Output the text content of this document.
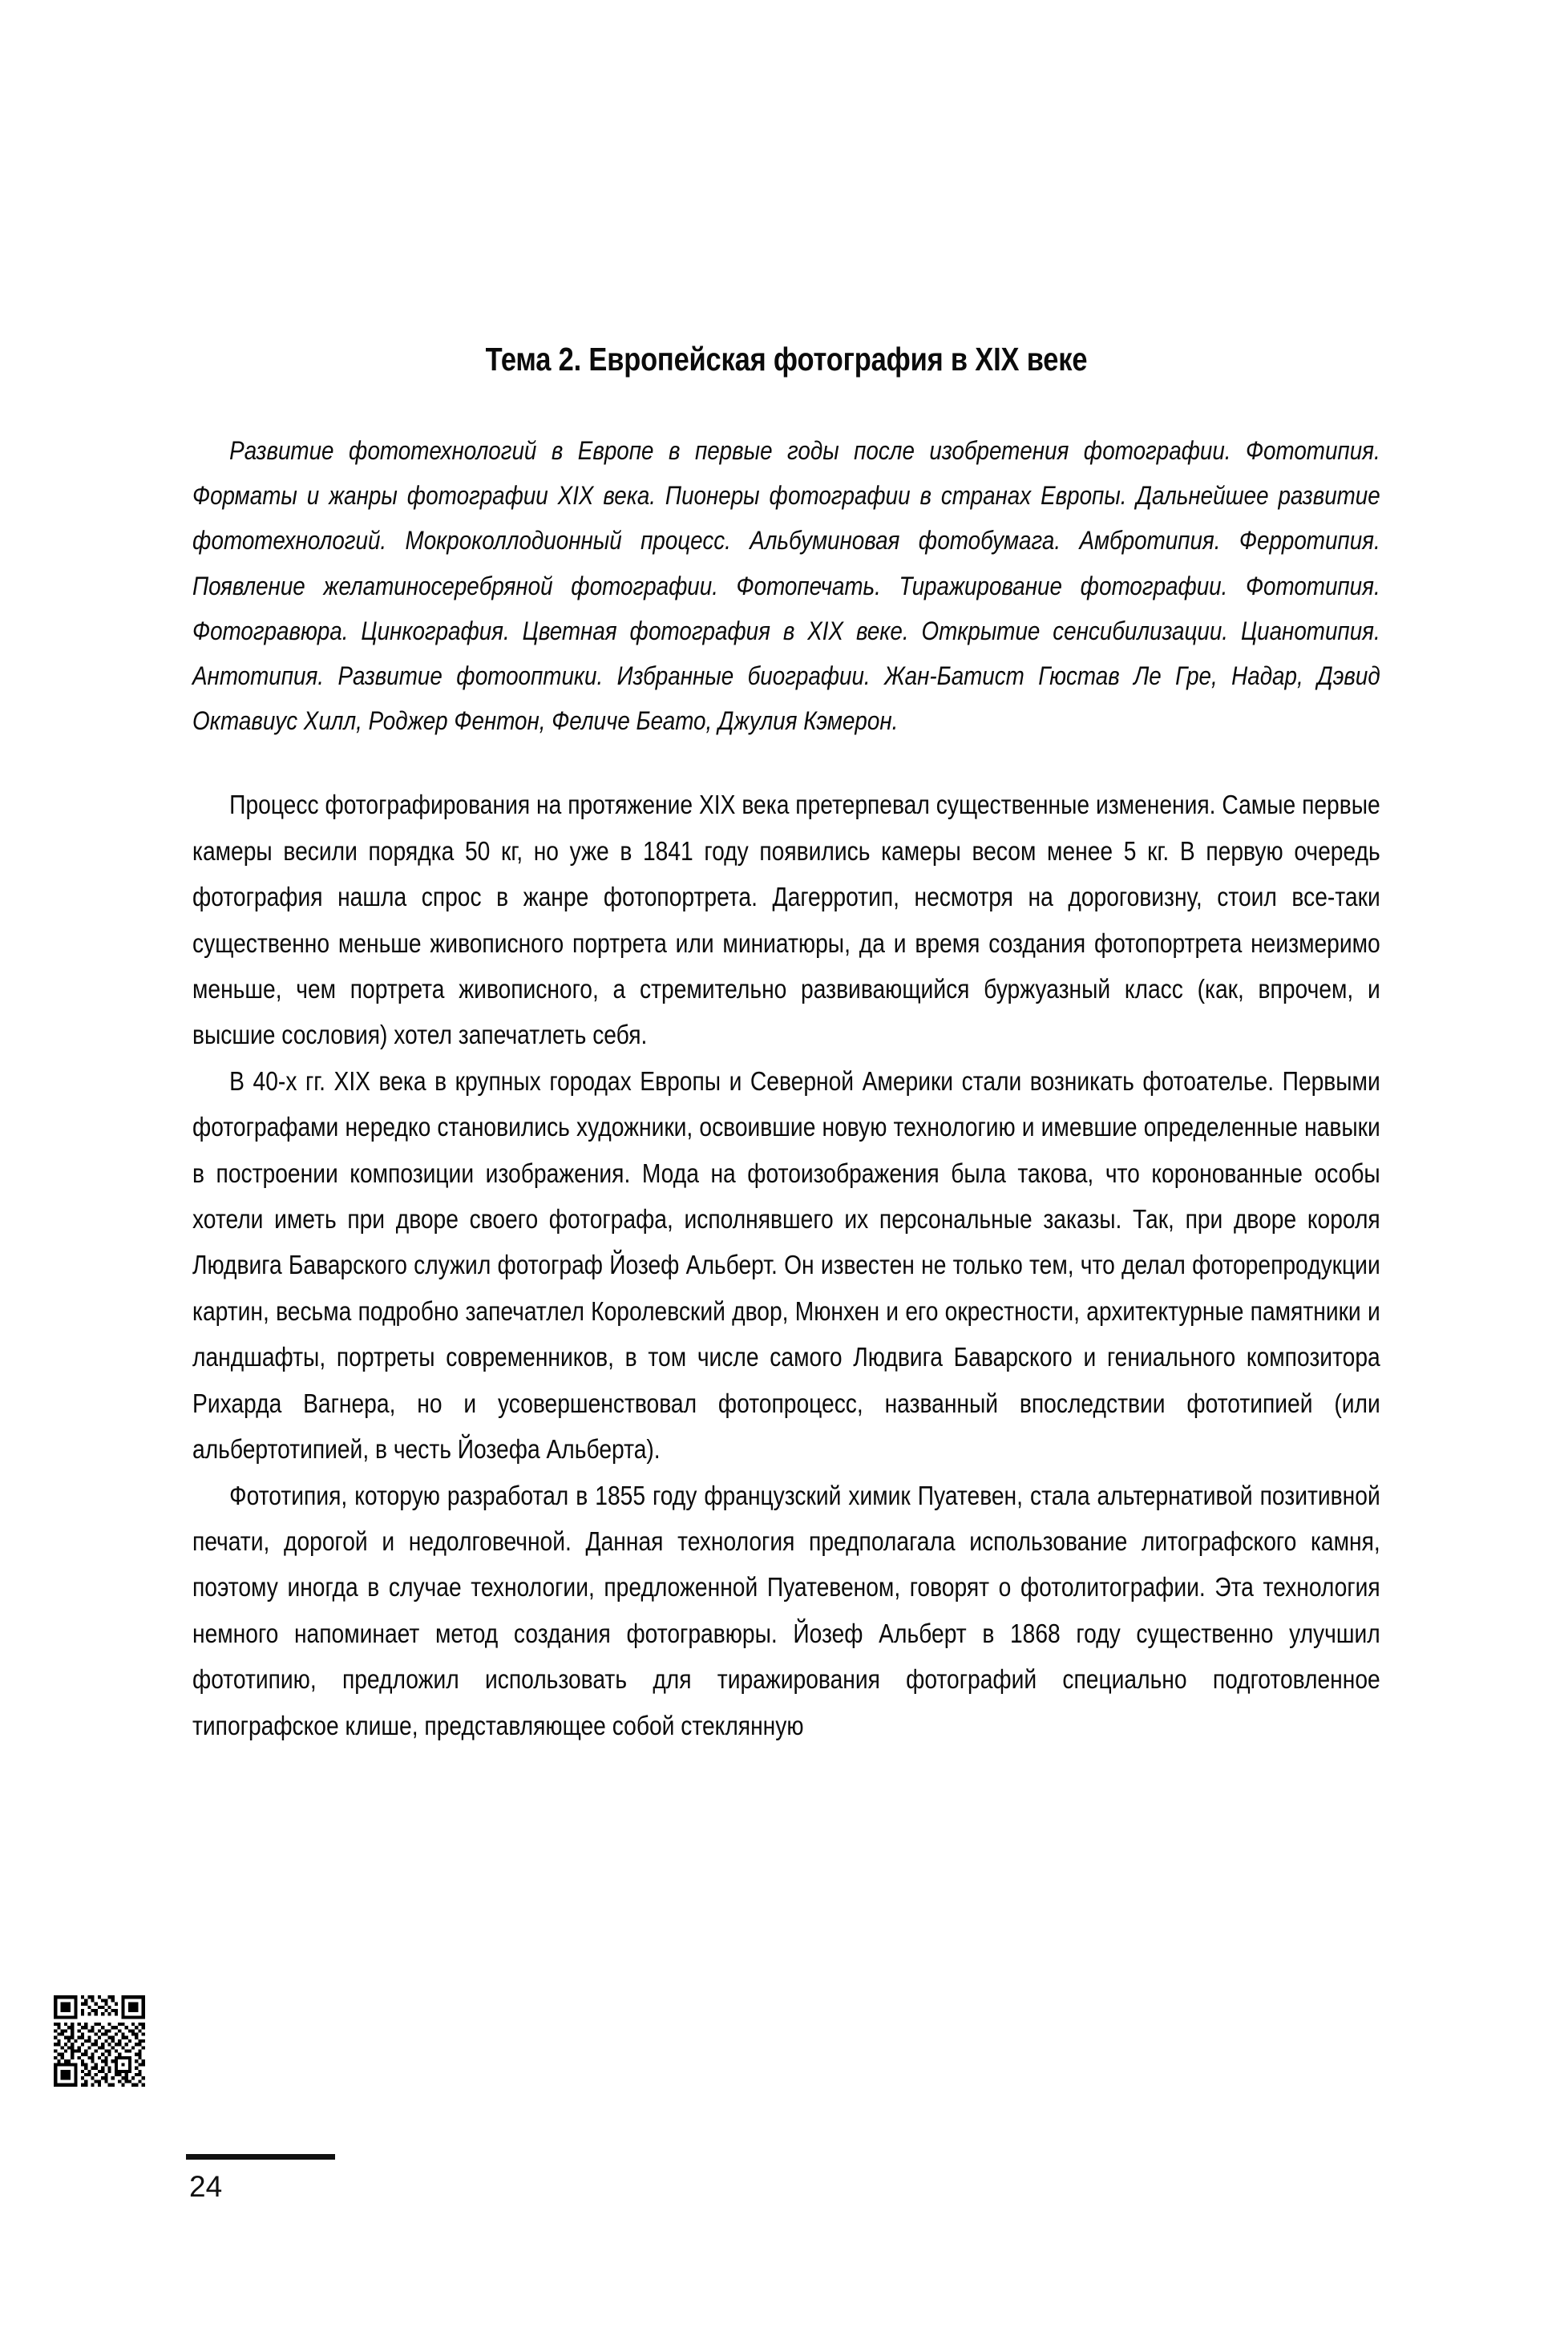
Тема 2. Европейская фотография в XIX веке

Развитие фототехнологий в Европе в первые годы после изобретения фотографии. Фототипия. Форматы и жанры фотографии XIX века. Пионеры фотографии в странах Европы. Дальнейшее развитие фототехнологий. Мокроколлодионный процесс. Альбуминовая фотобумага. Амбротипия. Ферротипия. Появление желатиносеребряной фотографии. Фотопечать. Тиражирование фотографии. Фототипия. Фотогравюра. Цинкография. Цветная фотография в XIX веке. Открытие сенсибилизации. Цианотипия. Антотипия. Развитие фотооптики. Избранные биографии. Жан-Батист Гюстав Ле Гре, Надар, Дэвид Октавиус Хилл, Роджер Фентон, Феличе Беато, Джулия Кэмерон.

Процесс фотографирования на протяжение XIX века претерпевал существенные изменения. Самые первые камеры весили порядка 50 кг, но уже в 1841 году появились камеры весом менее 5 кг. В первую очередь фотография нашла спрос в жанре фотопортрета. Дагерротип, несмотря на дороговизну, стоил все-таки существенно меньше живописного портрета или миниатюры, да и время создания фотопортрета неизмеримо меньше, чем портрета живописного, а стремительно развивающийся буржуазный класс (как, впрочем, и высшие сословия) хотел запечатлеть себя.

В 40-х гг. XIX века в крупных городах Европы и Северной Америки стали возникать фотоателье. Первыми фотографами нередко становились художники, освоившие новую технологию и имевшие определенные навыки в построении композиции изображения. Мода на фотоизображения была такова, что коронованные особы хотели иметь при дворе своего фотографа, исполнявшего их персональные заказы. Так, при дворе короля Людвига Баварского служил фотограф Йозеф Альберт. Он известен не только тем, что делал фоторепродукции картин, весьма подробно запечатлел Королевский двор, Мюнхен и его окрестности, архитектурные памятники и ландшафты, портреты современников, в том числе самого Людвига Баварского и гениального композитора Рихарда Вагнера, но и усовершенствовал фотопроцесс, названный впоследствии фототипией (или альбертотипией, в честь Йозефа Альберта).

Фототипия, которую разработал в 1855 году французский химик Пуатевен, стала альтернативой позитивной печати, дорогой и недолговечной. Данная технология предполагала использование литографского камня, поэтому иногда в случае технологии, предложенной Пуатевеном, говорят о фотолитографии. Эта технология немного напоминает метод создания фотогравюры. Йозеф Альберт в 1868 году существенно улучшил фототипию, предложил использовать для тиражирования фотографий специально подготовленное типографское клише, представляющее собой стеклянную

24
